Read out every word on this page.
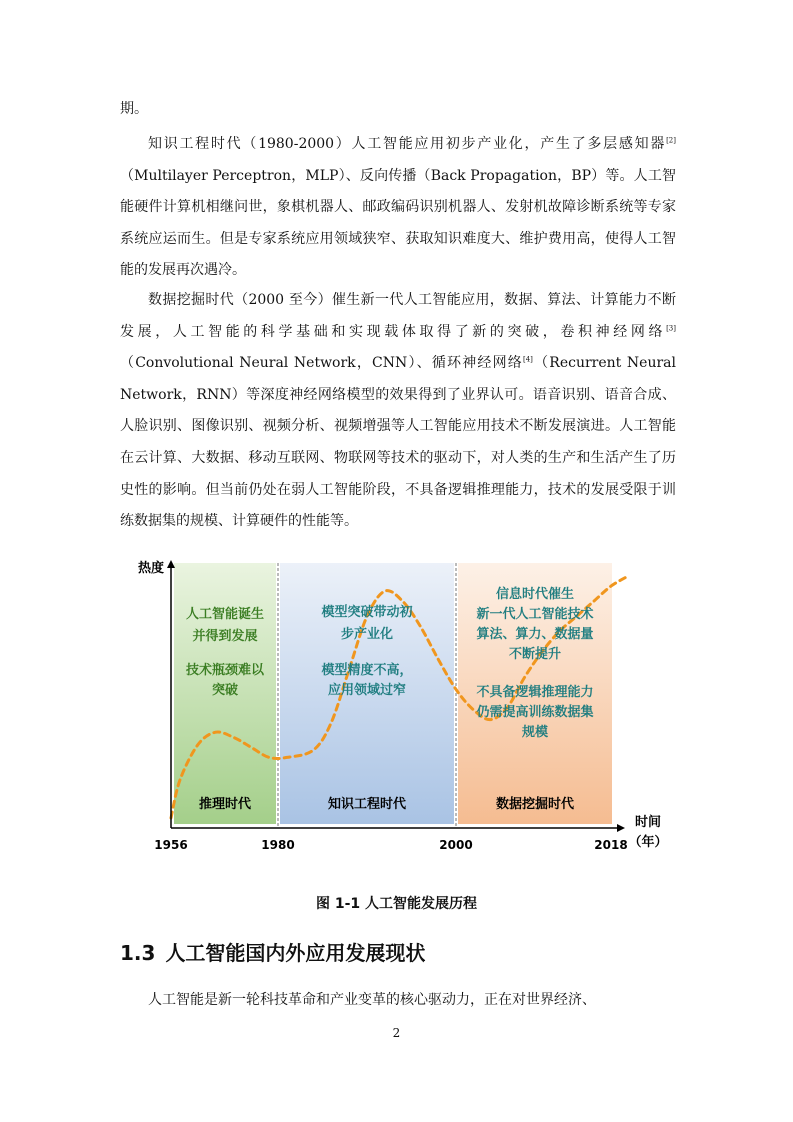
期。

知识工程时代（1980-2000）人工智能应用初步产业化，产生了多层感知器[2]（Multilayer Perceptron，MLP）、反向传播（Back Propagation，BP）等。人工智能硬件计算机相继问世，象棋机器人、邮政编码识别机器人、发射机故障诊断系统等专家系统应运而生。但是专家系统应用领域狭窄、获取知识难度大、维护费用高，使得人工智能的发展再次遇冷。

数据挖掘时代（2000 至今）催生新一代人工智能应用，数据、算法、计算能力不断发展，人工智能的科学基础和实现载体取得了新的突破，卷积神经网络[3]（Convolutional Neural Network，CNN）、循环神经网络[4]（Recurrent Neural Network，RNN）等深度神经网络模型的效果得到了业界认可。语音识别、语音合成、人脸识别、图像识别、视频分析、视频增强等人工智能应用技术不断发展演进。人工智能在云计算、大数据、移动互联网、物联网等技术的驱动下，对人类的生产和生活产生了历史性的影响。但当前仍处在弱人工智能阶段，不具备逻辑推理能力，技术的发展受限于训练数据集的规模、计算硬件的性能等。

人工智能诞生
并得到发展
技术瓶颈难以
突破
推理时代
模型突破带动初
步产业化
模型精度不高，
应用领域过窄
知识工程时代
信息时代催生
新一代人工智能技术
算法、算力、数据量
不断提升
不具备逻辑推理能力
仍需提高训练数据集
规模
数据挖掘时代
1956	1980	2000	2018
热度
时间
（年）
图 1-1 人工智能发展历程
1.3 人工智能国内外应用发展现状

人工智能是新一轮科技革命和产业变革的核心驱动力，正在对世界经济、

2
